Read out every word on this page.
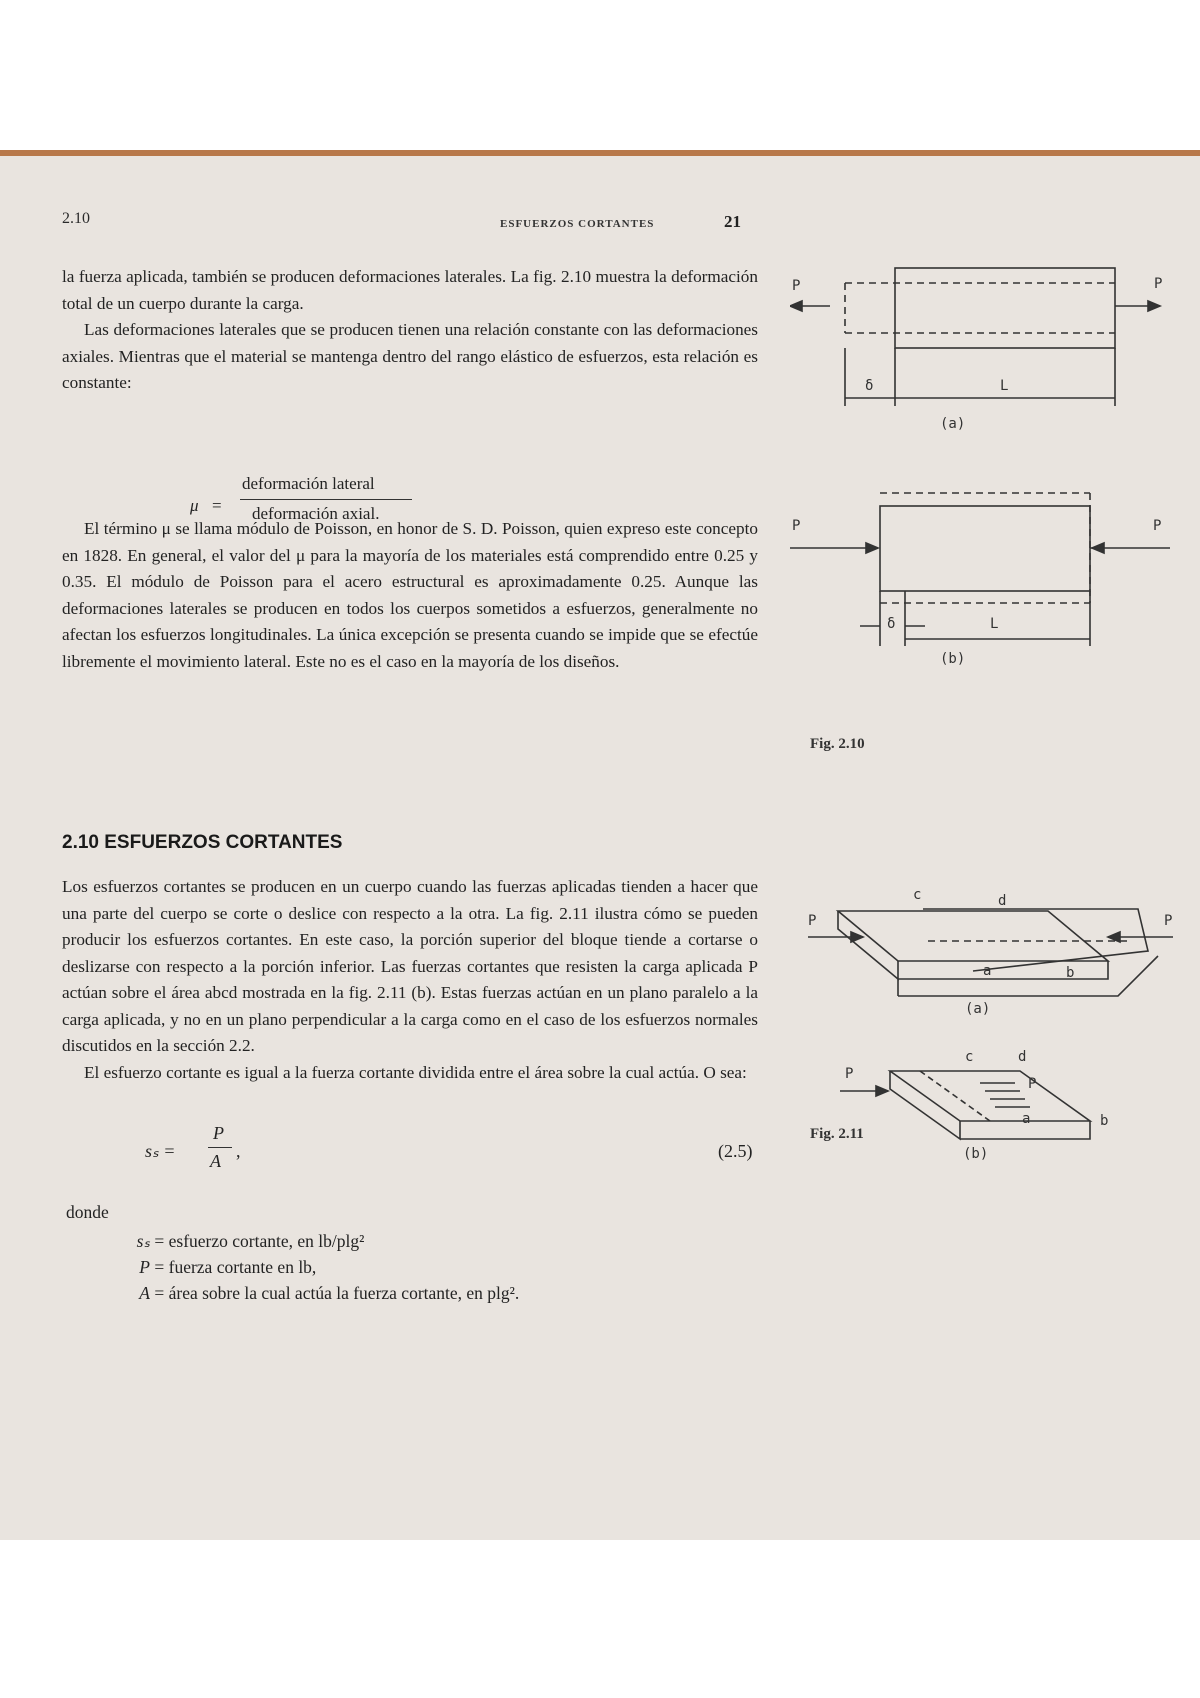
2.10	ESFUERZOS CORTANTES	21

la fuerza aplicada, también se producen deformaciones laterales. La fig. 2.10 muestra la deformación total de un cuerpo durante la carga.

Las deformaciones laterales que se producen tienen una relación constante con las deformaciones axiales. Mientras que el material se mantenga dentro del rango elástico de esfuerzos, esta relación es constante:

μ =
deformación lateral
deformación axial.
El término μ se llama módulo de Poisson, en honor de S. D. Poisson, quien expreso este concepto en 1828. En general, el valor del μ para la mayoría de los materiales está comprendido entre 0.25 y 0.35. El módulo de Poisson para el acero estructural es aproximadamente 0.25. Aunque las deformaciones laterales se producen en todos los cuerpos sometidos a esfuerzos, generalmente no afectan los esfuerzos longitudinales. La única excepción se presenta cuando se impide que se efectúe libremente el movimiento lateral. Este no es el caso en la mayoría de los diseños.
2.10 ESFUERZOS CORTANTES

Los esfuerzos cortantes se producen en un cuerpo cuando las fuerzas aplicadas tienden a hacer que una parte del cuerpo se corte o deslice con respecto a la otra. La fig. 2.11 ilustra cómo se pueden producir los esfuerzos cortantes. En este caso, la porción superior del bloque tiende a cortarse o deslizarse con respecto a la porción inferior. Las fuerzas cortantes que resisten la carga aplicada P actúan sobre el área abcd mostrada en la fig. 2.11 (b). Estas fuerzas actúan en un plano paralelo a la carga aplicada, y no en un plano perpendicular a la carga como en el caso de los esfuerzos normales discutidos en la sección 2.2.

El esfuerzo cortante es igual a la fuerza cortante dividida entre el área sobre la cual actúa. O sea:

sₛ =
P
A ,	(2.5)
donde
sₛ = esfuerzo cortante, en lb/plg²
P = fuerza cortante en lb,
A = área sobre la cual actúa la fuerza cortante, en plg².
P	P
δ	L
(a)
P	P
δ	L
(b)
Fig. 2.10
P	P
c	d
a	b
(a)
P
c	d
P
a	b
(b)
Fig. 2.11
